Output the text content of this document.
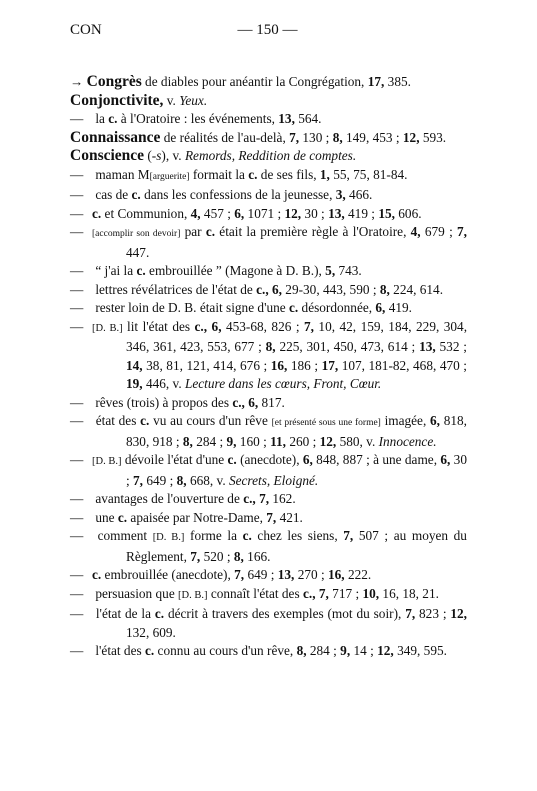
CON	— 150 —

→ Congrès de diables pour anéantir la Congrégation, 17, 385.

Conjonctivite, v. Yeux.

— la c. à l'Oratoire : les événements, 13, 564.

Connaissance de réalités de l'au-delà, 7, 130 ; 8, 149, 453 ; 12, 593.

Conscience (-s), v. Remords, Reddition de comptes.

— maman M[arguerite] formait la c. de ses fils, 1, 55, 75, 81-84.

— cas de c. dans les confessions de la jeunesse, 3, 466.

— c. et Communion, 4, 457 ; 6, 1071 ; 12, 30 ; 13, 419 ; 15, 606.

— [accomplir son devoir] par c. était la première règle à l'Oratoire, 4, 679 ; 7, 447.

— “ j'ai la c. embrouillée ” (Magone à D. B.), 5, 743.

— lettres révélatrices de l'état de c., 6, 29-30, 443, 590 ; 8, 224, 614.

— rester loin de D. B. était signe d'une c. désordonnée, 6, 419.

— [D. B.] lit l'état des c., 6, 453-68, 826 ; 7, 10, 42, 159, 184, 229, 304, 346, 361, 423, 553, 677 ; 8, 225, 301, 450, 473, 614 ; 13, 532 ; 14, 38, 81, 121, 414, 676 ; 16, 186 ; 17, 107, 181-82, 468, 470 ; 19, 446, v. Lecture dans les cœurs, Front, Cœur.

— rêves (trois) à propos des c., 6, 817.

— état des c. vu au cours d'un rêve [et présenté sous une forme] imagée, 6, 818, 830, 918 ; 8, 284 ; 9, 160 ; 11, 260 ; 12, 580, v. Innocence.

— [D. B.] dévoile l'état d'une c. (anecdote), 6, 848, 887 ; à une dame, 6, 30 ; 7, 649 ; 8, 668, v. Secrets, Eloigné.

— avantages de l'ouverture de c., 7, 162.

— une c. apaisée par Notre-Dame, 7, 421.

— comment [D. B.] forme la c. chez les siens, 7, 507 ; au moyen du Règlement, 7, 520 ; 8, 166.

— c. embrouillée (anecdote), 7, 649 ; 13, 270 ; 16, 222.

— persuasion que [D. B.] connaît l'état des c., 7, 717 ; 10, 16, 18, 21.

— l'état de la c. décrit à travers des exemples (mot du soir), 7, 823 ; 12, 132, 609.

— l'état des c. connu au cours d'un rêve, 8, 284 ; 9, 14 ; 12, 349, 595.
